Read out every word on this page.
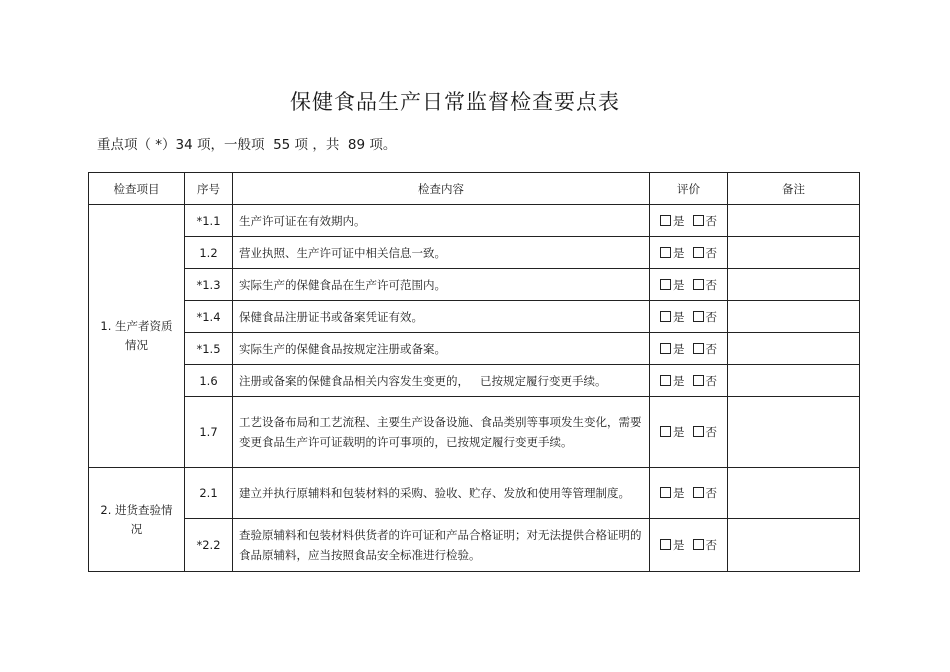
保健食品生产日常监督检查要点表
重点项（ *）34 项，一般项  55 项 ，共  89 项。
检查项目	序号	检查内容	评价	备注
1. 生产者资质情况	*1.1	生产许可证在有效期内。	是 否	
	1.2	营业执照、生产许可证中相关信息一致。	是 否	
	*1.3	实际生产的保健食品在生产许可范围内。	是 否	
	*1.4	保健食品注册证书或备案凭证有效。	是 否	
	*1.5	实际生产的保健食品按规定注册或备案。	是 否	
	1.6	注册或备案的保健食品相关内容发生变更的，   已按规定履行变更手续。	是 否	
	1.7	工艺设备布局和工艺流程、主要生产设备设施、食品类别等事项发生变化，需要变更食品生产许可证载明的许可事项的，已按规定履行变更手续。	是 否	
2. 进货查验情况	2.1	建立并执行原辅料和包装材料的采购、验收、贮存、发放和使用等管理制度。	是 否	
	*2.2	查验原辅料和包装材料供货者的许可证和产品合格证明；对无法提供合格证明的食品原辅料，应当按照食品安全标准进行检验。	是 否	
